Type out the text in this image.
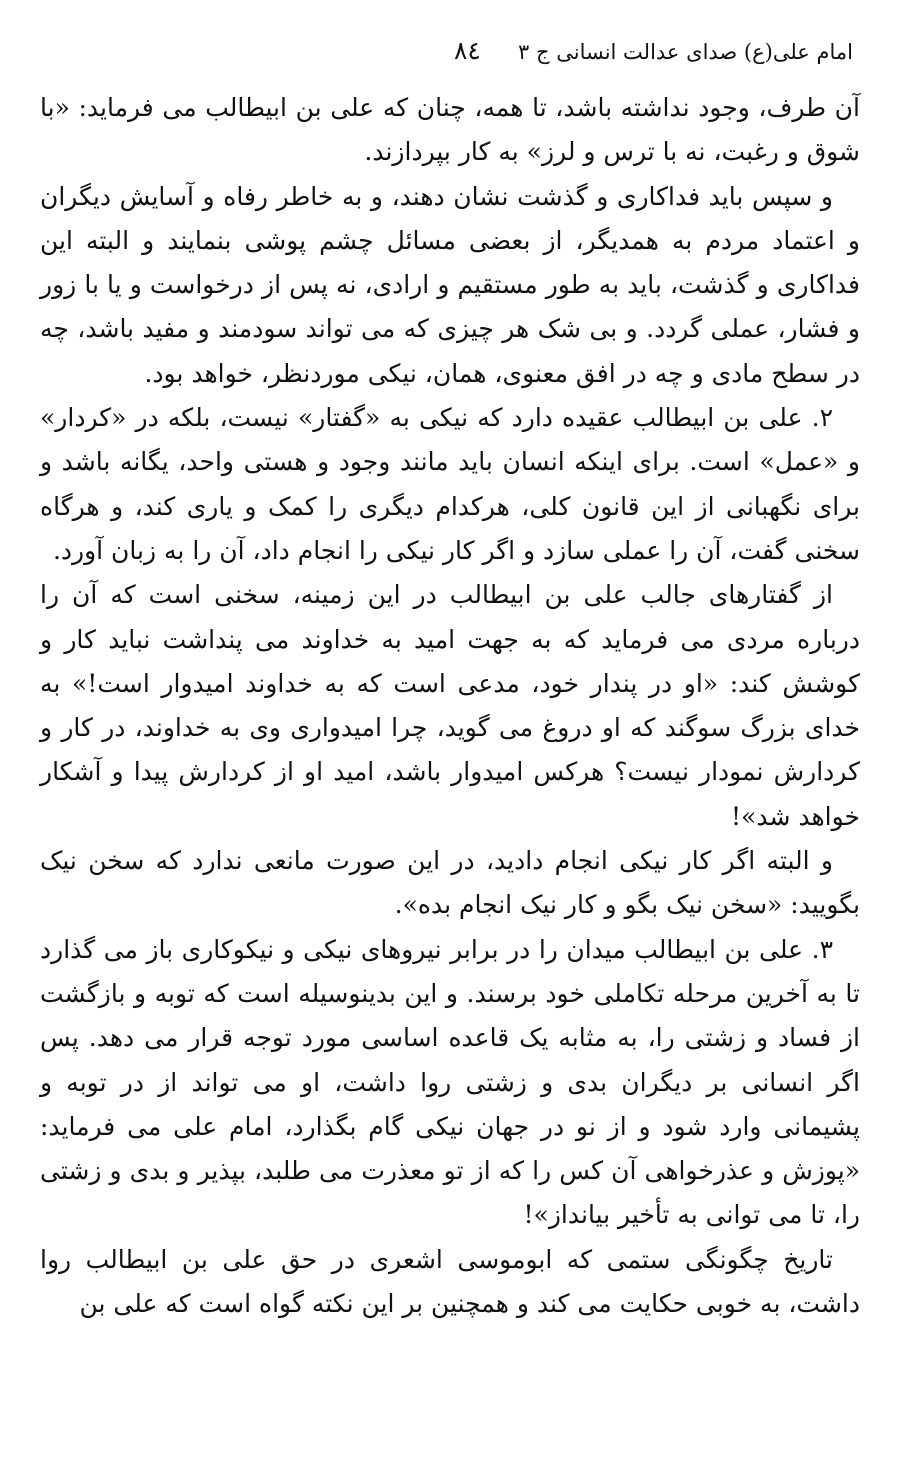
امام علی(ع) صدای عدالت انسانی ج ۳
٨٤

آن طرف، وجود نداشته باشد، تا همه، چنان که علی بن ابیطالب می فرماید: «با شوق و رغبت، نه با ترس و لرز» به کار بپردازند.

و سپس باید فداکاری و گذشت نشان دهند، و به خاطر رفاه و آسایش دیگران و اعتماد مردم به همدیگر، از بعضی مسائل چشم پوشی بنمایند و البته این فداکاری و گذشت، باید به طور مستقیم و ارادی، نه پس از درخواست و یا با زور و فشار، عملی گردد. و بی شک هر چیزی که می تواند سودمند و مفید باشد، چه در سطح مادی و چه در افق معنوی، همان، نیکی موردنظر، خواهد بود.

۲. علی بن ابیطالب عقیده دارد که نیکی به «گفتار» نیست، بلکه در «کردار» و «عمل» است. برای اینکه انسان باید مانند وجود و هستی واحد، یگانه باشد و برای نگهبانی از این قانون کلی، هرکدام دیگری را کمک و یاری کند، و هرگاه سخنی گفت، آن را عملی سازد و اگر کار نیکی را انجام داد، آن را به زبان آورد.

از گفتارهای جالب علی بن ابیطالب در این زمینه، سخنی است که آن را درباره مردی می فرماید که به جهت امید به خداوند می پنداشت نباید کار و کوشش کند: «او در پندار خود، مدعی است که به خداوند امیدوار است!» به خدای بزرگ سوگند که او دروغ می گوید، چرا امیدواری وی به خداوند، در کار و کردارش نمودار نیست؟ هرکس امیدوار باشد، امید او از کردارش پیدا و آشکار خواهد شد»!

و البته اگر کار نیکی انجام دادید، در این صورت مانعی ندارد که سخن نیک بگویید: «سخن نیک بگو و کار نیک انجام بده».

۳. علی بن ابیطالب میدان را در برابر نیروهای نیکی و نیکوکاری باز می گذارد تا به آخرین مرحله تکاملی خود برسند. و این بدینوسیله است که توبه و بازگشت از فساد و زشتی را، به مثابه یک قاعده اساسی مورد توجه قرار می دهد. پس اگر انسانی بر دیگران بدی و زشتی روا داشت، او می تواند از در توبه و پشیمانی وارد شود و از نو در جهان نیکی گام بگذارد، امام علی می فرماید: «پوزش و عذرخواهی آن کس را که از تو معذرت می طلبد، بپذیر و بدی و زشتی را، تا می توانی به تأخیر بیانداز»!

تاریخ چگونگی ستمی که ابوموسی اشعری در حق علی بن ابیطالب روا داشت، به خوبی حکایت می کند و همچنین بر این نکته گواه است که علی بن
